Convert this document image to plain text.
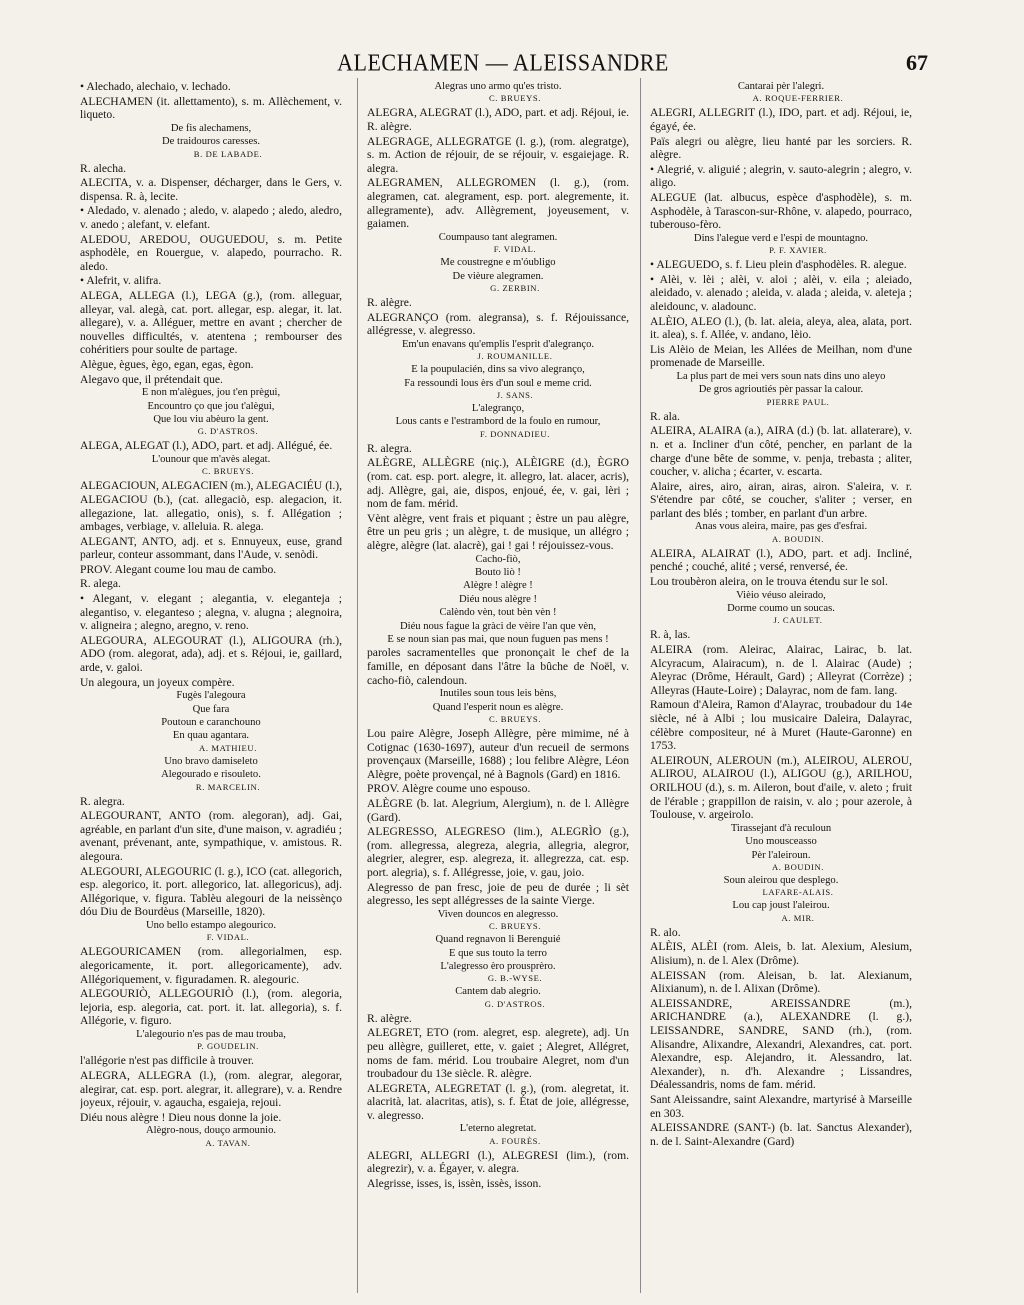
ALECHAMEN — ALEISSANDRE	67

• Alechado, alechaio, v. lechado.

ALECHAMEN (it. allettamento), s. m. Allèchement, v. liqueto.

De fis alechamens,

De traidouros caresses.

B. DE LABADE.

R. alecha.

ALECITA, v. a. Dispenser, décharger, dans le Gers, v. dispensa. R. à, lecite.

• Aledado, v. alenado ; aledo, v. alapedo ; aledo, aledro, v. anedo ; alefant, v. elefant.

ALEDOU, AREDOU, OUGUEDOU, s. m. Petite asphodèle, en Rouergue, v. alapedo, pourracho. R. aledo.

• Alefrit, v. alifra.

ALEGA, ALLEGA (l.), LEGA (g.), (rom. alleguar, alleyar, val. alegà, cat. port. allegar, esp. alegar, it. lat. allegare), v. a. Alléguer, mettre en avant ; chercher de nouvelles difficultés, v. atentena ; rembourser des cohéritiers pour soulte de partage.

Alègue, ègues, ègo, egan, egas, ègon.

Alegavo que, il prétendait que.

E non m'alègues, jou t'en prègui,

Encountro ço que jou t'alègui,

Que lou viu abèuro la gent.

G. D'ASTROS.

ALEGA, ALEGAT (l.), ADO, part. et adj. Allégué, ée.

L'ounour que m'avès alegat.

C. BRUEYS.

ALEGACIOUN, ALEGACIEN (m.), ALEGACIÉU (l.), ALEGACIOU (b.), (cat. allegaciò, esp. alegacion, it. allegazione, lat. allegatio, onis), s. f. Allégation ; ambages, verbiage, v. alleluia. R. alega.

ALEGANT, ANTO, adj. et s. Ennuyeux, euse, grand parleur, conteur assommant, dans l'Aude, v. senòdi.

PROV. Alegant coume lou mau de cambo.

R. alega.

• Alegant, v. elegant ; alegantia, v. eleganteja ; alegantiso, v. eleganteso ; alegna, v. alugna ; alegnoira, v. aligneira ; alegno, aregno, v. reno.

ALEGOURA, ALEGOURAT (l.), ALIGOURA (rh.), ADO (rom. alegorat, ada), adj. et s. Réjoui, ie, gaillard, arde, v. galoi.

Un alegoura, un joyeux compère.

Fugès l'alegoura

Que fara

Poutoun e caranchouno

En quau agantara.

A. MATHIEU.

Uno bravo damiseleto

Alegourado e risouleto.

R. MARCELIN.

R. alegra.

ALEGOURANT, ANTO (rom. alegoran), adj. Gai, agréable, en parlant d'un site, d'une maison, v. agradiéu ; avenant, prévenant, ante, sympathique, v. amistous. R. alegoura.

ALEGOURI, ALEGOURIC (l. g.), ICO (cat. allegorich, esp. alegorico, it. port. allegorico, lat. allegoricus), adj. Allégorique, v. figura. Tablèu alegouri de la neissènço dóu Diu de Bourdèus (Marseille, 1820).

Uno bello estampo alegourico.

F. VIDAL.

ALEGOURICAMEN (rom. allegorialmen, esp. alegoricamente, it. port. allegoricamente), adv. Allégoriquement, v. figuradamen. R. alegouric.

ALEGOURIÒ, ALLEGOURIÒ (l.), (rom. alegoria, lejoria, esp. alegoria, cat. port. it. lat. allegoria), s. f. Allégorie, v. figuro.

L'alegourio n'es pas de mau trouba,

P. GOUDELIN.

l'allégorie n'est pas difficile à trouver.

ALEGRA, ALLEGRA (l.), (rom. alegrar, alegorar, alegirar, cat. esp. port. alegrar, it. allegrare), v. a. Rendre joyeux, réjouir, v. agaucha, esgaieja, rejoui.

Diéu nous alègre ! Dieu nous donne la joie.

Alègro-nous, douço armounio.

A. TAVAN.

Alegras uno armo qu'es tristo.

C. BRUEYS.

ALEGRA, ALEGRAT (l.), ADO, part. et adj. Réjoui, ie. R. alègre.

ALEGRAGE, ALLEGRATGE (l. g.), (rom. alegratge), s. m. Action de réjouir, de se réjouir, v. esgaiejage. R. alegra.

ALEGRAMEN, ALLEGROMEN (l. g.), (rom. alegramen, cat. alegrament, esp. port. alegremente, it. allegramente), adv. Allègrement, joyeusement, v. gaiamen.

Coumpauso tant alegramen.

F. VIDAL.

Me coustregne e m'óubligo

De vièure alegramen.

G. ZERBIN.

R. alègre.

ALEGRANÇO (rom. alegransa), s. f. Réjouissance, allégresse, v. alegresso.

Em'un enavans qu'emplis l'esprit d'alegranço.

J. ROUMANILLE.

E la poupulacién, dins sa vivo alegranço,

Fa ressoundi lous èrs d'un soul e meme crid.

J. SANS.

L'alegranço,

Lous cants e l'estrambord de la foulo en rumour,

F. DONNADIEU.

R. alegra.

ALÈGRE, ALLÈGRE (niç.), ALÈIGRE (d.), ÈGRO (rom. cat. esp. port. alegre, it. allegro, lat. alacer, acris), adj. Allègre, gai, aie, dispos, enjoué, ée, v. gai, lèri ; nom de fam. mérid.

Vènt alègre, vent frais et piquant ; èstre un pau alègre, être un peu gris ; un alègre, t. de musique, un allégro ; alègre, alègre (lat. alacrè), gai ! gai ! réjouissez-vous.

Cacho-fiò,

Bouto liò !

Alègre ! alègre !

Diéu nous alègre !

Calèndo vèn, tout bèn vèn !

Diéu nous fague la gràci de vèire l'an que vèn,

E se noun sian pas mai, que noun fuguen pas mens !

paroles sacramentelles que prononçait le chef de la famille, en déposant dans l'âtre la bûche de Noël, v. cacho-fiò, calendoun.

Inutiles soun tous leis bèns,

Quand l'esperit noun es alègre.

C. BRUEYS.

Lou paire Alègre, Joseph Allègre, père mimime, né à Cotignac (1630-1697), auteur d'un recueil de sermons provençaux (Marseille, 1688) ; lou felibre Alègre, Léon Alègre, poète provençal, né à Bagnols (Gard) en 1816.

PROV. Alègre coume uno espouso.

ALÈGRE (b. lat. Alegrium, Alergium), n. de l. Allègre (Gard).

ALEGRESSO, ALEGRESO (lim.), ALEGRÌO (g.), (rom. allegressa, alegreza, alegria, allegria, alegror, alegrier, alegrer, esp. alegreza, it. allegrezza, cat. esp. port. alegria), s. f. Allégresse, joie, v. gau, joio.

Alegresso de pan fresc, joie de peu de durée ; li sèt alegresso, les sept allégresses de la sainte Vierge.

Viven douncos en alegresso.

C. BRUEYS.

Quand regnavon li Berenguié

E que sus touto la terro

L'alegresso èro prousprèro.

G. B.-WYSE.

Cantem dab alegrio.

G. D'ASTROS.

R. alègre.

ALEGRET, ETO (rom. alegret, esp. alegrete), adj. Un peu allègre, guilleret, ette, v. gaiet ; Alegret, Allégret, noms de fam. mérid. Lou troubaire Alegret, nom d'un troubadour du 13e siècle. R. alègre.

ALEGRETA, ALEGRETAT (l. g.), (rom. alegretat, it. alacrità, lat. alacritas, atis), s. f. État de joie, allégresse, v. alegresso.

L'eterno alegretat.

A. FOURÈS.

ALEGRI, ALLEGRI (l.), ALEGRESI (lim.), (rom. alegrezir), v. a. Égayer, v. alegra.

Alegrisse, isses, is, issèn, issès, isson.

Cantarai pèr l'alegri.

A. ROQUE-FERRIER.

ALEGRI, ALLEGRIT (l.), IDO, part. et adj. Réjoui, ie, égayé, ée.

Païs alegri ou alègre, lieu hanté par les sorciers. R. alègre.

• Alegrié, v. aliguié ; alegrin, v. sauto-alegrin ; alegro, v. aligo.

ALEGUE (lat. albucus, espèce d'asphodèle), s. m. Asphodèle, à Tarascon-sur-Rhône, v. alapedo, pourraco, tuberouso-fèro.

Dins l'alegue verd e l'espi de mountagno.

P. F. XAVIER.

• ALEGUEDO, s. f. Lieu plein d'asphodèles. R. alegue.

• Alèi, v. lèi ; alèi, v. aloi ; alèi, v. eila ; aleiado, aleidado, v. alenado ; aleida, v. alada ; aleida, v. aleteja ; aleidounc, v. aladounc.

ALÈIO, ALEO (l.), (b. lat. aleia, aleya, alea, alata, port. it. alea), s. f. Allée, v. andano, lèio.

Lis Alèio de Meian, les Allées de Meilhan, nom d'une promenade de Marseille.

La plus part de mei vers soun nats dins uno aleyo

De gros agrioutiés pèr passar la calour.

PIERRE PAUL.

R. ala.

ALEIRA, ALAIRA (a.), AIRA (d.) (b. lat. allaterare), v. n. et a. Incliner d'un côté, pencher, en parlant de la charge d'une bête de somme, v. penja, trebasta ; aliter, coucher, v. alicha ; écarter, v. escarta.

Alaire, aires, airo, airan, airas, airon. S'aleira, v. r. S'étendre par côté, se coucher, s'aliter ; verser, en parlant des blés ; tomber, en parlant d'un arbre.

Anas vous aleira, maire, pas ges d'esfrai.

A. BOUDIN.

ALEIRA, ALAIRAT (l.), ADO, part. et adj. Incliné, penché ; couché, alité ; versé, renversé, ée.

Lou troubèron aleira, on le trouva étendu sur le sol.

Vièio véuso aleirado,

Dorme coumo un soucas.

J. CAULET.

R. à, las.

ALEIRA (rom. Aleirac, Alairac, Lairac, b. lat. Alcyracum, Alairacum), n. de l. Alairac (Aude) ; Aleyrac (Drôme, Hérault, Gard) ; Alleyrat (Corrèze) ; Alleyras (Haute-Loire) ; Dalayrac, nom de fam. lang.

Ramoun d'Aleira, Ramon d'Alayrac, troubadour du 14e siècle, né à Albi ; lou musicaire Daleira, Dalayrac, célèbre compositeur, né à Muret (Haute-Garonne) en 1753.

ALEIROUN, ALEROUN (m.), ALEIROU, ALEROU, ALIROU, ALAIROU (l.), ALIGOU (g.), ARILHOU, ORILHOU (d.), s. m. Aileron, bout d'aile, v. aleto ; fruit de l'érable ; grappillon de raisin, v. alo ; pour azerole, à Toulouse, v. argeirolo.

Tirassejant d'à reculoun

Uno mousceasso

Pèr l'aleiroun.

A. BOUDIN.

Soun aleirou que desplego.

LAFARE-ALAIS.

Lou cap joust l'aleirou.

A. MIR.

R. alo.

ALÈIS, ALÈI (rom. Aleis, b. lat. Alexium, Alesium, Alisium), n. de l. Alex (Drôme).

ALEISSAN (rom. Aleisan, b. lat. Alexianum, Alixianum), n. de l. Alixan (Drôme).

ALEISSANDRE, AREISSANDRE (m.), ARICHANDRE (a.), ALEXANDRE (l. g.), LEISSANDRE, SANDRE, SAND (rh.), (rom. Alisandre, Alixandre, Alexandri, Alexandres, cat. port. Alexandre, esp. Alejandro, it. Alessandro, lat. Alexander), n. d'h. Alexandre ; Lissandres, Déalessandris, noms de fam. mérid.

Sant Aleissandre, saint Alexandre, martyrisé à Marseille en 303.

ALEISSANDRE (SANT-) (b. lat. Sanctus Alexander), n. de l. Saint-Alexandre (Gard)
